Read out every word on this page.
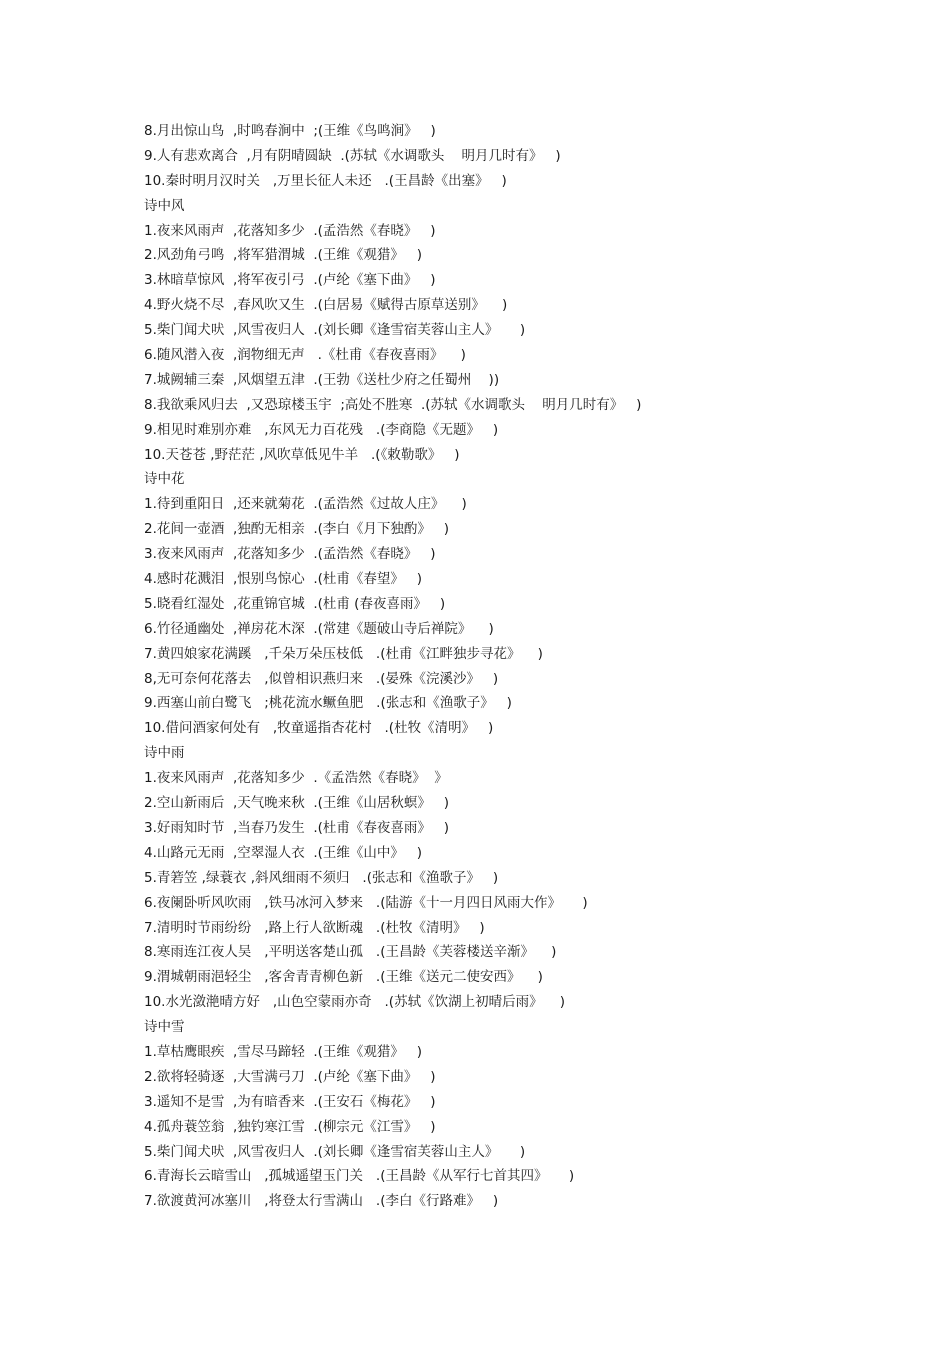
8.月出惊山鸟  ,时鸣春涧中  ;(王维《鸟鸣涧》   )
9.人有悲欢离合  ,月有阴晴圆缺  .(苏轼《水调歌头    明月几时有》   )
10.秦时明月汉时关   ,万里长征人未还   .(王昌龄《出塞》   )
诗中风
1.夜来风雨声  ,花落知多少  .(孟浩然《春晓》   )
2.风劲角弓鸣  ,将军猎渭城  .(王维《观猎》   )
3.林暗草惊风  ,将军夜引弓  .(卢纶《塞下曲》   )
4.野火烧不尽  ,春风吹又生  .(白居易《赋得古原草送别》    )
5.柴门闻犬吠  ,风雪夜归人  .(刘长卿《逢雪宿芙蓉山主人》     )
6.随风潜入夜  ,润物细无声   .《杜甫《春夜喜雨》    )
7.城阙辅三秦  ,风烟望五津  .(王勃《送杜少府之任蜀州    ))
8.我欲乘风归去  ,又恐琼楼玉宇  ;高处不胜寒  .(苏轼《水调歌头    明月几时有》   )
9.相见时难别亦难   ,东风无力百花残   .(李商隐《无题》   )
10.天苍苍 ,野茫茫 ,风吹草低见牛羊   .(《敕勒歌》   )
诗中花
1.待到重阳日  ,还来就菊花  .(孟浩然《过故人庄》    )
2.花间一壶酒  ,独酌无相亲  .(李白《月下独酌》   )
3.夜来风雨声  ,花落知多少  .(孟浩然《春晓》   )
4.感时花溅泪  ,恨别鸟惊心  .(杜甫《春望》   )
5.晓看红湿处  ,花重锦官城  .(杜甫 (春夜喜雨》   )
6.竹径通幽处  ,禅房花木深  .(常建《题破山寺后禅院》    )
7.黄四娘家花满蹊   ,千朵万朵压枝低   .(杜甫《江畔独步寻花》    )
8,无可奈何花落去   ,似曾相识燕归来   .(晏殊《浣溪沙》   )
9.西塞山前白鹭飞   ;桃花流水鳜鱼肥   .(张志和《渔歌子》   )
10.借问酒家何处有   ,牧童遥指杏花村   .(杜牧《清明》   )
诗中雨
1.夜来风雨声  ,花落知多少  .《孟浩然《春晓》  》
2.空山新雨后  ,天气晚来秋  .(王维《山居秋螟》   )
3.好雨知时节  ,当春乃发生  .(杜甫《春夜喜雨》   )
4.山路元无雨  ,空翠湿人衣  .(王维《山中》   )
5.青箬笠 ,绿蓑衣 ,斜风细雨不须归   .(张志和《渔歌子》   )
6.夜阑卧听风吹雨   ,铁马冰河入梦来   .(陆游《十一月四日风雨大作》     )
7.清明时节雨纷纷   ,路上行人欲断魂   .(杜牧《清明》   )
8.寒雨连江夜人吴   ,平明送客楚山孤   .(王昌龄《芙蓉楼送辛渐》    )
9.渭城朝雨浥轻尘   ,客舍青青柳色新   .(王维《送元二使安西》    )
10.水光潋滟晴方好   ,山色空蒙雨亦奇   .(苏轼《饮湖上初晴后雨》    )
诗中雪
1.草枯鹰眼疾  ,雪尽马蹄轻  .(王维《观猎》   )
2.欲将轻骑逐  ,大雪满弓刀  .(卢纶《塞下曲》   )
3.遥知不是雪  ,为有暗香来  .(王安石《梅花》   )
4.孤舟蓑笠翁  ,独钓寒江雪  .(柳宗元《江雪》   )
5.柴门闻犬吠  ,风雪夜归人  .(刘长卿《逢雪宿芙蓉山主人》     )
6.青海长云暗雪山   ,孤城遥望玉门关   .(王昌龄《从军行七首其四》     )
7.欲渡黄河冰塞川   ,将登太行雪满山   .(李白《行路难》   )
